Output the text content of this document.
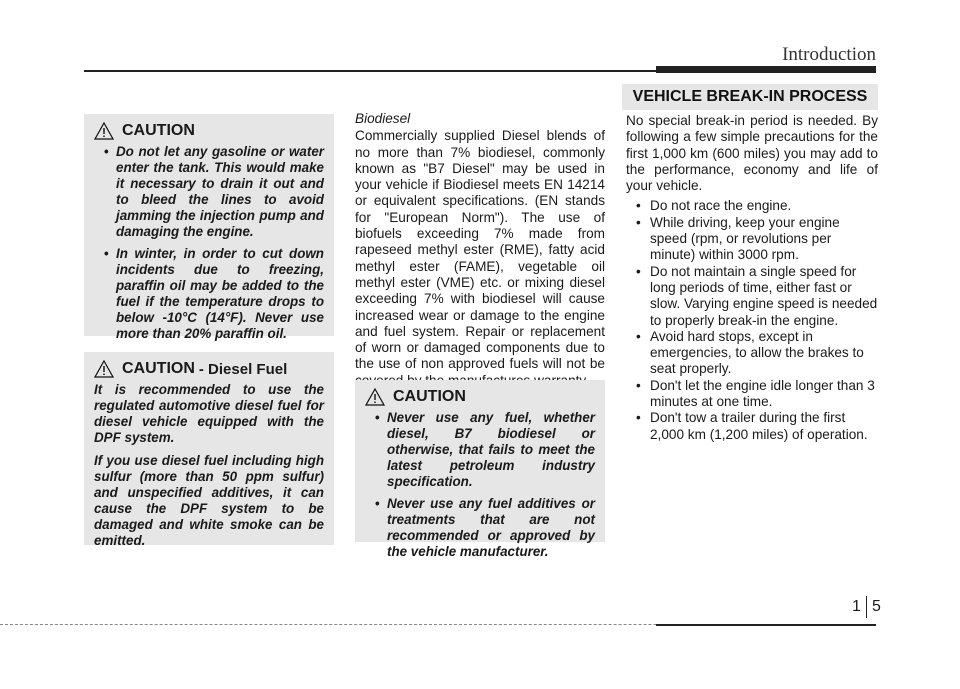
Introduction
VEHICLE BREAK-IN PROCESS
CAUTION
• Do not let any gasoline or water enter the tank. This would make it necessary to drain it out and to bleed the lines to avoid jamming the injection pump and damaging the engine.
• In winter, in order to cut down incidents due to freezing, paraffin oil may be added to the fuel if the temperature drops to below -10°C (14°F). Never use more than 20% paraffin oil.
CAUTION - Diesel Fuel

It is recommended to use the regulated automotive diesel fuel for diesel vehicle equipped with the DPF system.

If you use diesel fuel including high sulfur (more than 50 ppm sulfur) and unspecified additives, it can cause the DPF system to be damaged and white smoke can be emitted.

Biodiesel
Commercially supplied Diesel blends of no more than 7% biodiesel, commonly known as "B7 Diesel" may be used in your vehicle if Biodiesel meets EN 14214 or equivalent specifications. (EN stands for "European Norm"). The use of biofuels exceeding 7% made from rapeseed methyl ester (RME), fatty acid methyl ester (FAME), vegetable oil methyl ester (VME) etc. or mixing diesel exceeding 7% with biodiesel will cause increased wear or damage to the engine and fuel system. Repair or replacement of worn or damaged components due to the use of non approved fuels will not be
CAUTION
• Never use any fuel, whether diesel, B7 biodiesel or otherwise, that fails to meet the latest petroleum industry specification.
• Never use any fuel additives or treatments that are not recommended or approved by the vehicle manufacturer.
No special break-in period is needed. By following a few simple precautions for the first 1,000 km (600 miles) you may add to the performance, economy and life of your vehicle.
• Do not race the engine.
• While driving, keep your engine speed (rpm, or revolutions per minute) within 3000 rpm.
• Do not maintain a single speed for long periods of time, either fast or slow. Varying engine speed is needed to properly break-in the engine.
• Avoid hard stops, except in emergencies, to allow the brakes to seat properly.
• Don't let the engine idle longer than 3 minutes at one time.
• Don't tow a trailer during the first 2,000 km (1,200 miles) of operation.
1 5
